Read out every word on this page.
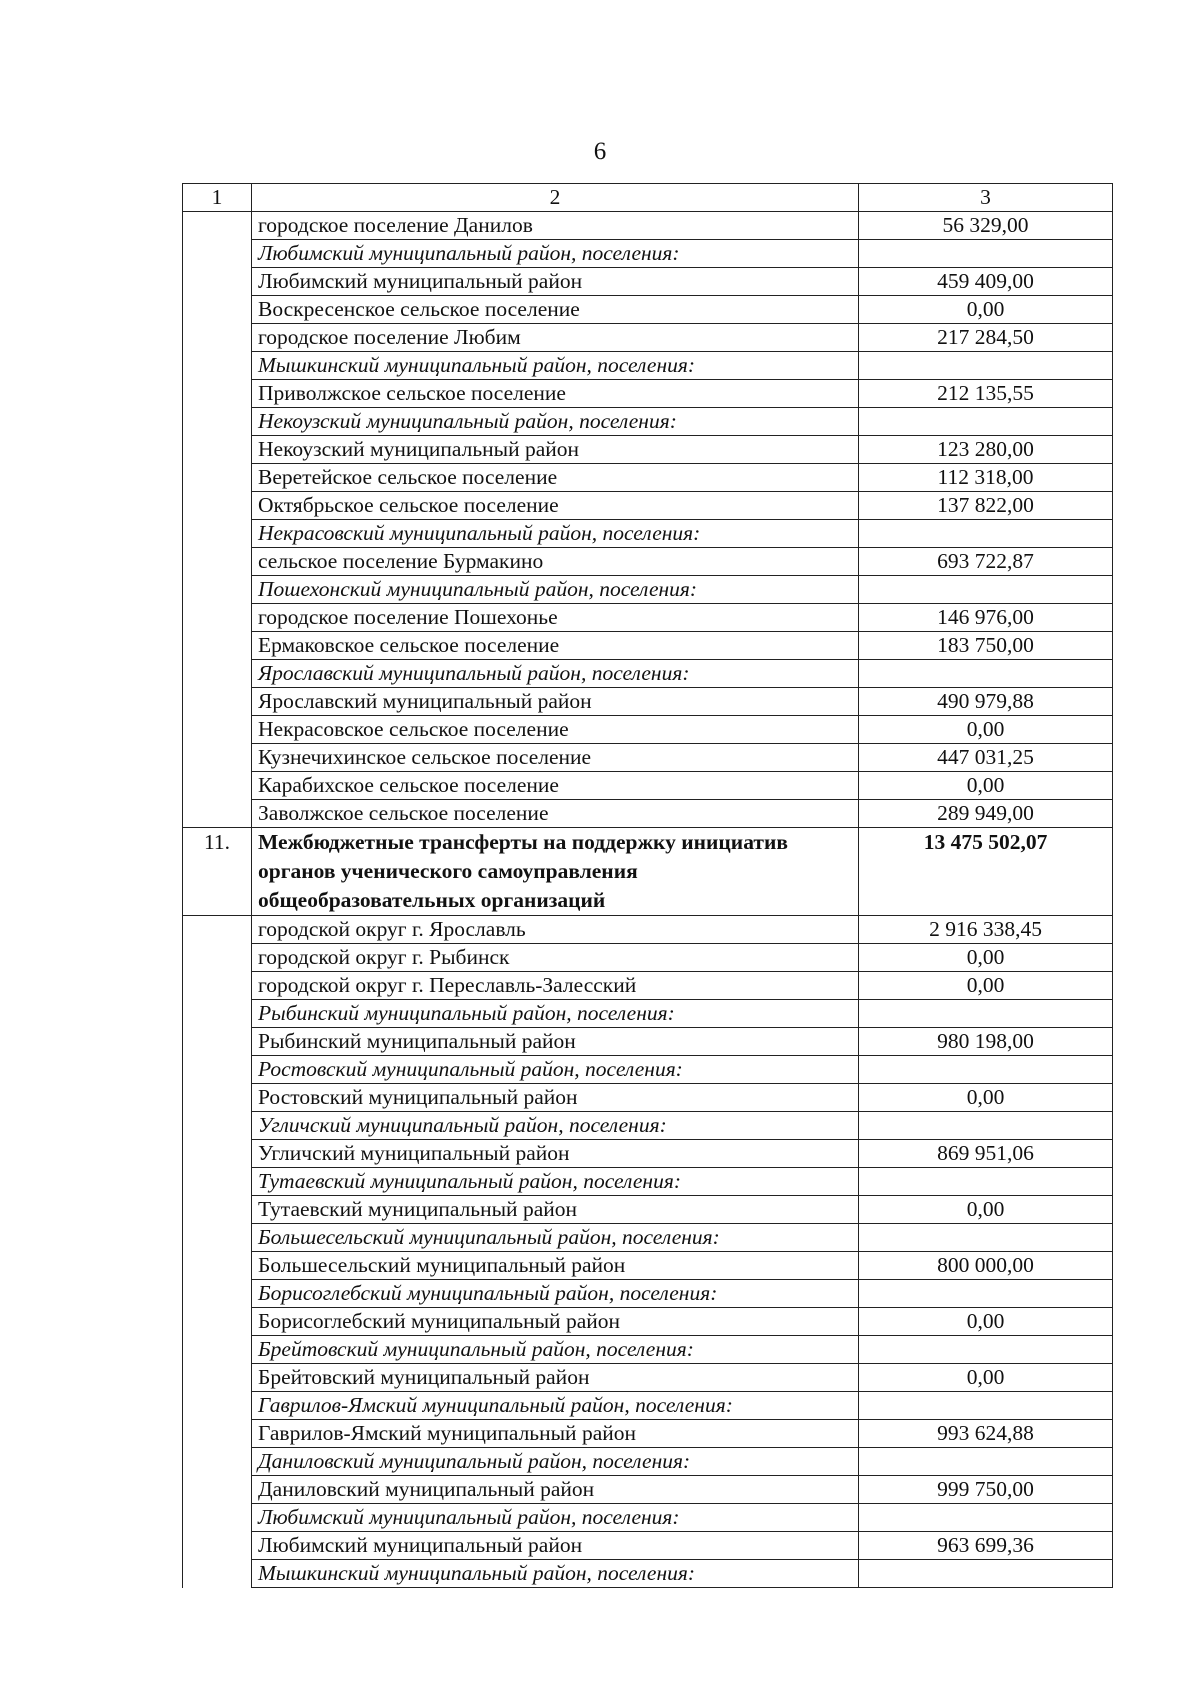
6
1	2	3
	городское поселение Данилов	56 329,00
	Любимский муниципальный район, поселения:	
	Любимский муниципальный район	459 409,00
	Воскресенское сельское поселение	0,00
	городское поселение Любим	217 284,50
	Мышкинский муниципальный район, поселения:	
	Приволжское сельское поселение	212 135,55
	Некоузский муниципальный район, поселения:	
	Некоузский муниципальный район	123 280,00
	Веретейское сельское поселение	112 318,00
	Октябрьское сельское поселение	137 822,00
	Некрасовский муниципальный район, поселения:	
	сельское поселение Бурмакино	693 722,87
	Пошехонский муниципальный район, поселения:	
	городское поселение Пошехонье	146 976,00
	Ермаковское сельское поселение	183 750,00
	Ярославский муниципальный район, поселения:	
	Ярославский муниципальный район	490 979,88
	Некрасовское сельское поселение	0,00
	Кузнечихинское сельское поселение	447 031,25
	Карабихское сельское поселение	0,00
	Заволжское сельское поселение	289 949,00
11.	Межбюджетные трансферты на поддержку инициатив органов ученического самоуправления общеобразовательных организаций	13 475 502,07
	городской округ г. Ярославль	2 916 338,45
	городской округ г. Рыбинск	0,00
	городской округ г. Переславль-Залесский	0,00
	Рыбинский муниципальный район, поселения:	
	Рыбинский муниципальный район	980 198,00
	Ростовский муниципальный район, поселения:	
	Ростовский муниципальный район	0,00
	Угличский муниципальный район, поселения:	
	Угличский муниципальный район	869 951,06
	Тутаевский муниципальный район, поселения:	
	Тутаевский муниципальный район	0,00
	Большесельский муниципальный район, поселения:	
	Большесельский муниципальный район	800 000,00
	Борисоглебский муниципальный район, поселения:	
	Борисоглебский муниципальный район	0,00
	Брейтовский муниципальный район, поселения:	
	Брейтовский муниципальный район	0,00
	Гаврилов-Ямский муниципальный район, поселения:	
	Гаврилов-Ямский муниципальный район	993 624,88
	Даниловский муниципальный район, поселения:	
	Даниловский муниципальный район	999 750,00
	Любимский муниципальный район, поселения:	
	Любимский муниципальный район	963 699,36
	Мышкинский муниципальный район, поселения:	
